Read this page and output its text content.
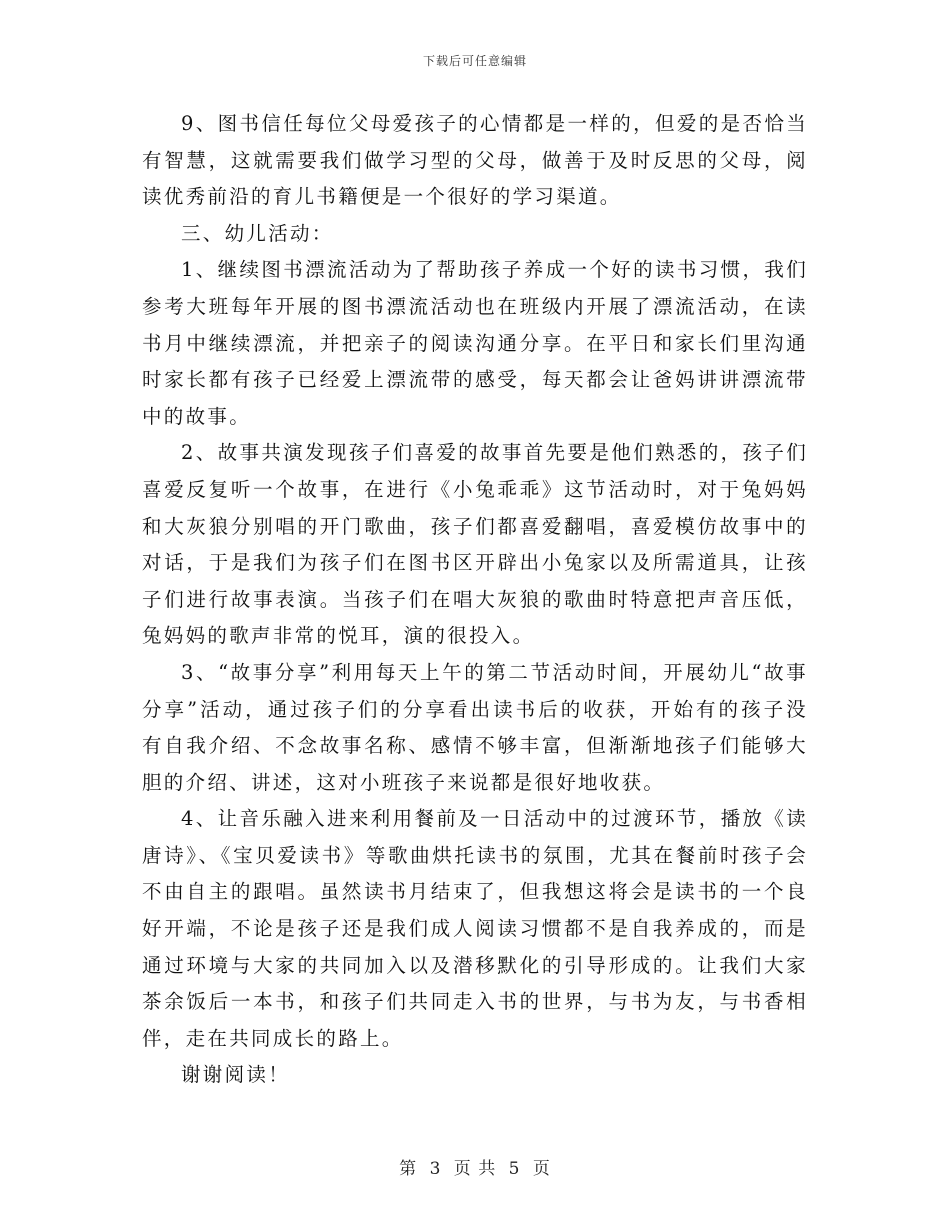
下载后可任意编辑

9、图书信任每位父母爱孩子的心情都是一样的，但爱的是否恰当有智慧，这就需要我们做学习型的父母，做善于及时反思的父母，阅读优秀前沿的育儿书籍便是一个很好的学习渠道。

三、幼儿活动：

1、继续图书漂流活动为了帮助孩子养成一个好的读书习惯，我们参考大班每年开展的图书漂流活动也在班级内开展了漂流活动，在读书月中继续漂流，并把亲子的阅读沟通分享。在平日和家长们里沟通时家长都有孩子已经爱上漂流带的感受，每天都会让爸妈讲讲漂流带中的故事。

2、故事共演发现孩子们喜爱的故事首先要是他们熟悉的，孩子们喜爱反复听一个故事，在进行《小兔乖乖》这节活动时，对于兔妈妈和大灰狼分别唱的开门歌曲，孩子们都喜爱翻唱，喜爱模仿故事中的对话，于是我们为孩子们在图书区开辟出小兔家以及所需道具，让孩子们进行故事表演。当孩子们在唱大灰狼的歌曲时特意把声音压低，兔妈妈的歌声非常的悦耳，演的很投入。

3、“故事分享”利用每天上午的第二节活动时间，开展幼儿“故事分享”活动，通过孩子们的分享看出读书后的收获，开始有的孩子没有自我介绍、不念故事名称、感情不够丰富，但渐渐地孩子们能够大胆的介绍、讲述，这对小班孩子来说都是很好地收获。

4、让音乐融入进来利用餐前及一日活动中的过渡环节，播放《读唐诗》、《宝贝爱读书》等歌曲烘托读书的氛围，尤其在餐前时孩子会不由自主的跟唱。虽然读书月结束了，但我想这将会是读书的一个良好开端，不论是孩子还是我们成人阅读习惯都不是自我养成的，而是通过环境与大家的共同加入以及潜移默化的引导形成的。让我们大家茶余饭后一本书，和孩子们共同走入书的世界，与书为友，与书香相伴，走在共同成长的路上。

谢谢阅读！

第 3 页 共 5 页
